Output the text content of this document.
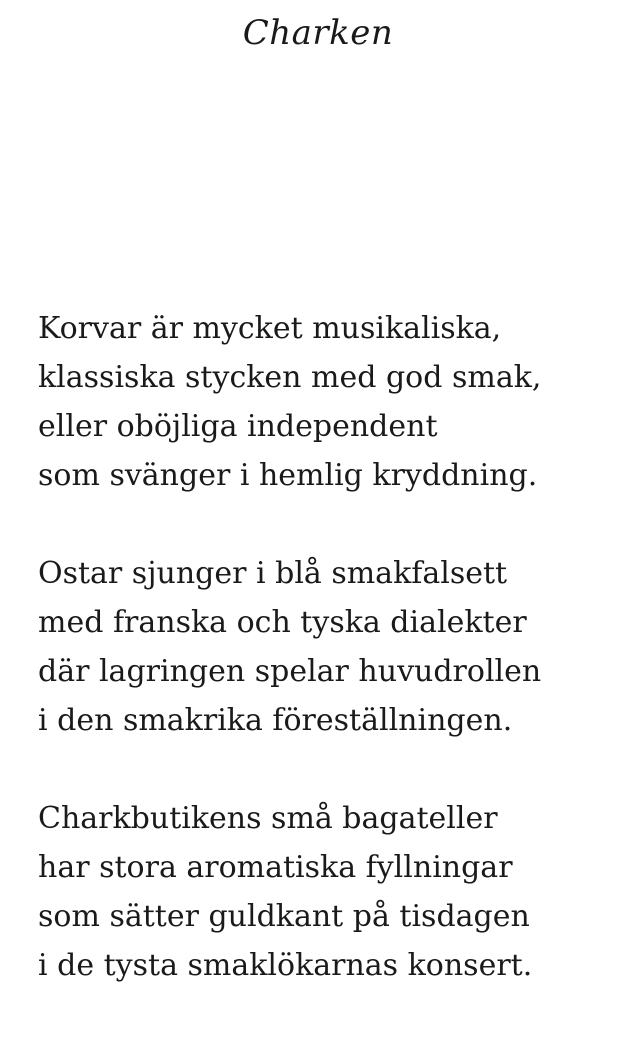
Charken
Korvar är mycket musikaliska,
klassiska stycken med god smak,
eller oböjliga independent
som svänger i hemlig kryddning.
Ostar sjunger i blå smakfalsett
med franska och tyska dialekter
där lagringen spelar huvudrollen
i den smakrika föreställningen.
Charkbutikens små bagateller
har stora aromatiska fyllningar
som sätter guldkant på tisdagen
i de tysta smaklökarnas konsert.
